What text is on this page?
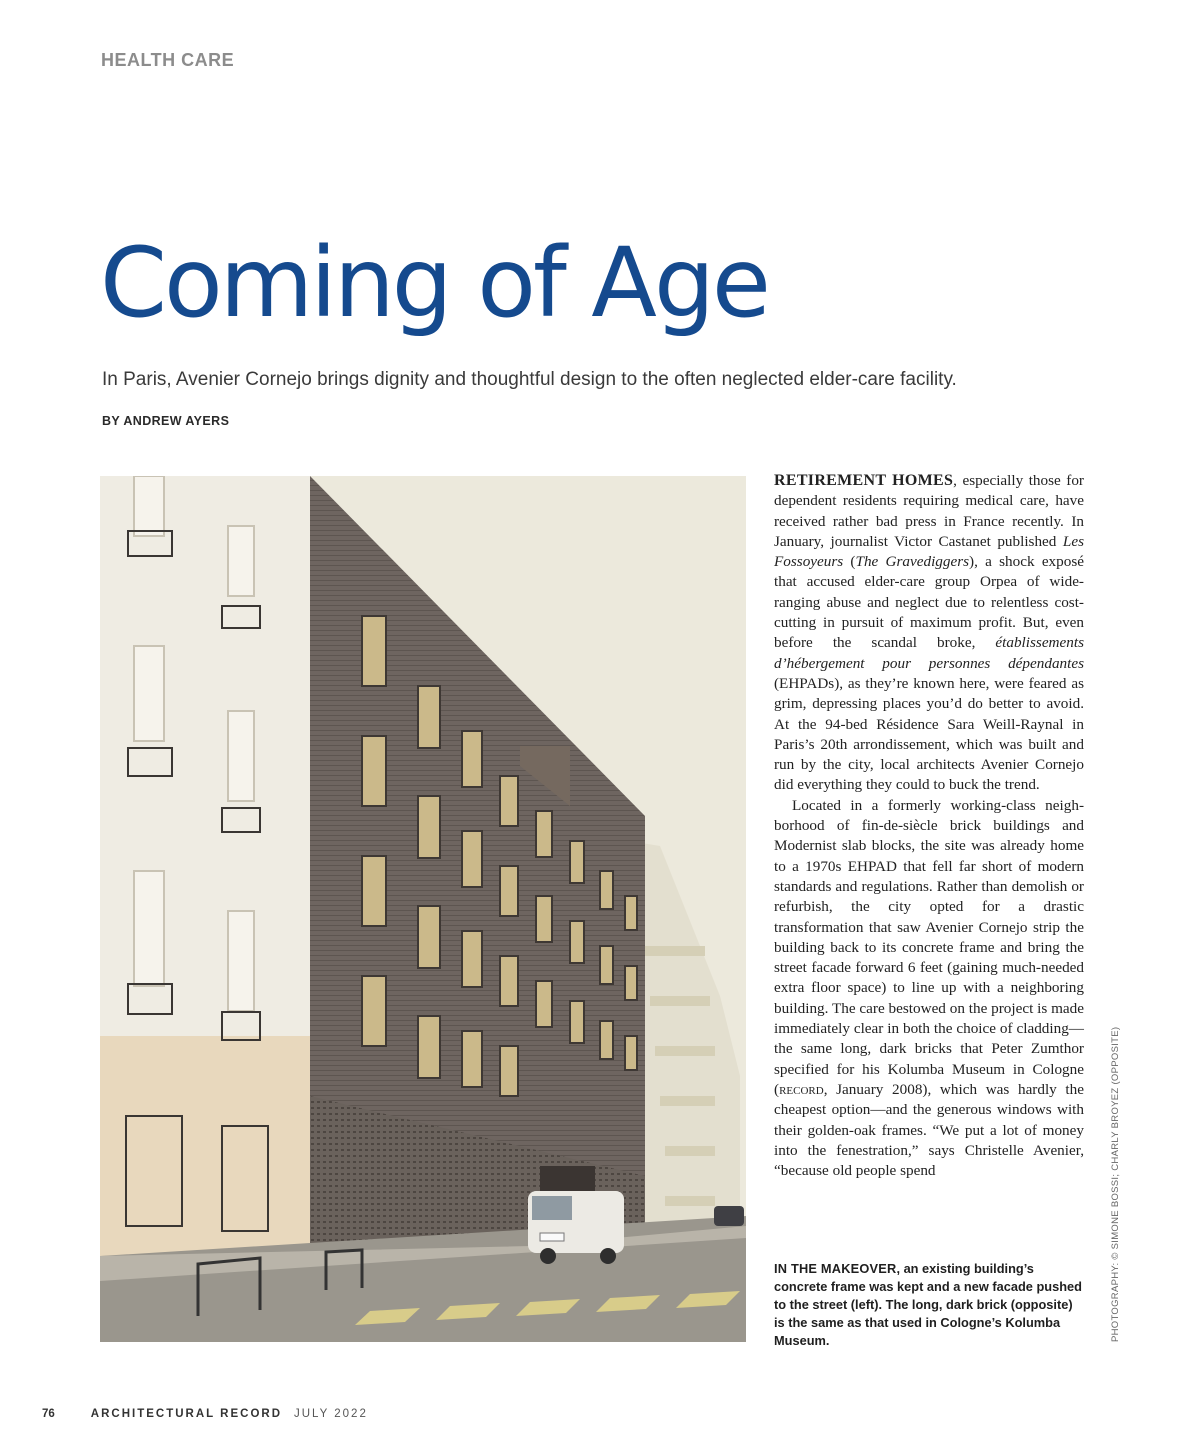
HEALTH CARE
Coming of Age

In Paris, Avenier Cornejo brings dignity and thoughtful design to the often neglected elder-care facility.

BY ANDREW AYERS

RETIREMENT HOMES, especially those for dependent residents requiring medical care, have received rather bad press in France recently. In January, journalist Victor Castanet published Les Fossoyeurs (The Gravediggers), a shock exposé that accused elder-care group Orpea of wide-ranging abuse and neglect due to relentless cost-cutting in pursuit of maximum profit. But, even before the scandal broke, établissements d’hébergement pour personnes dépendantes (EHPADs), as they’re known here, were feared as grim, depressing places you’d do better to avoid. At the 94-bed Résidence Sara Weill-Raynal in Paris’s 20th arrondissement, which was built and run by the city, local architects Avenier Cornejo did everything they could to buck the trend.

Located in a formerly working-class neighborhood of fin-de-siècle brick buildings and Modernist slab blocks, the site was already home to a 1970s EHPAD that fell far short of modern standards and regulations. Rather than demolish or refurbish, the city opted for a drastic transformation that saw Avenier Cornejo strip the building back to its concrete frame and bring the street facade forward 6 feet (gaining much-needed extra floor space) to line up with a neighboring building. The care bestowed on the project is made immediately clear in both the choice of cladding—the same long, dark bricks that Peter Zumthor specified for his Kolumba Museum in Cologne (record, January 2008), which was hardly the cheapest option—and the generous windows with their golden-oak frames. “We put a lot of money into the fenestration,” says Christelle Avenier, “because old people spend

IN THE MAKEOVER, an existing building’s concrete frame was kept and a new facade pushed to the street (left). The long, dark brick (opposite) is the same as that used in Cologne’s Kolumba Museum.	PHOTOGRAPHY: © SIMONE BOSSI; CHARLY BROYEZ (OPPOSITE)
76	ARCHITECTURAL RECORD JULY 2022
